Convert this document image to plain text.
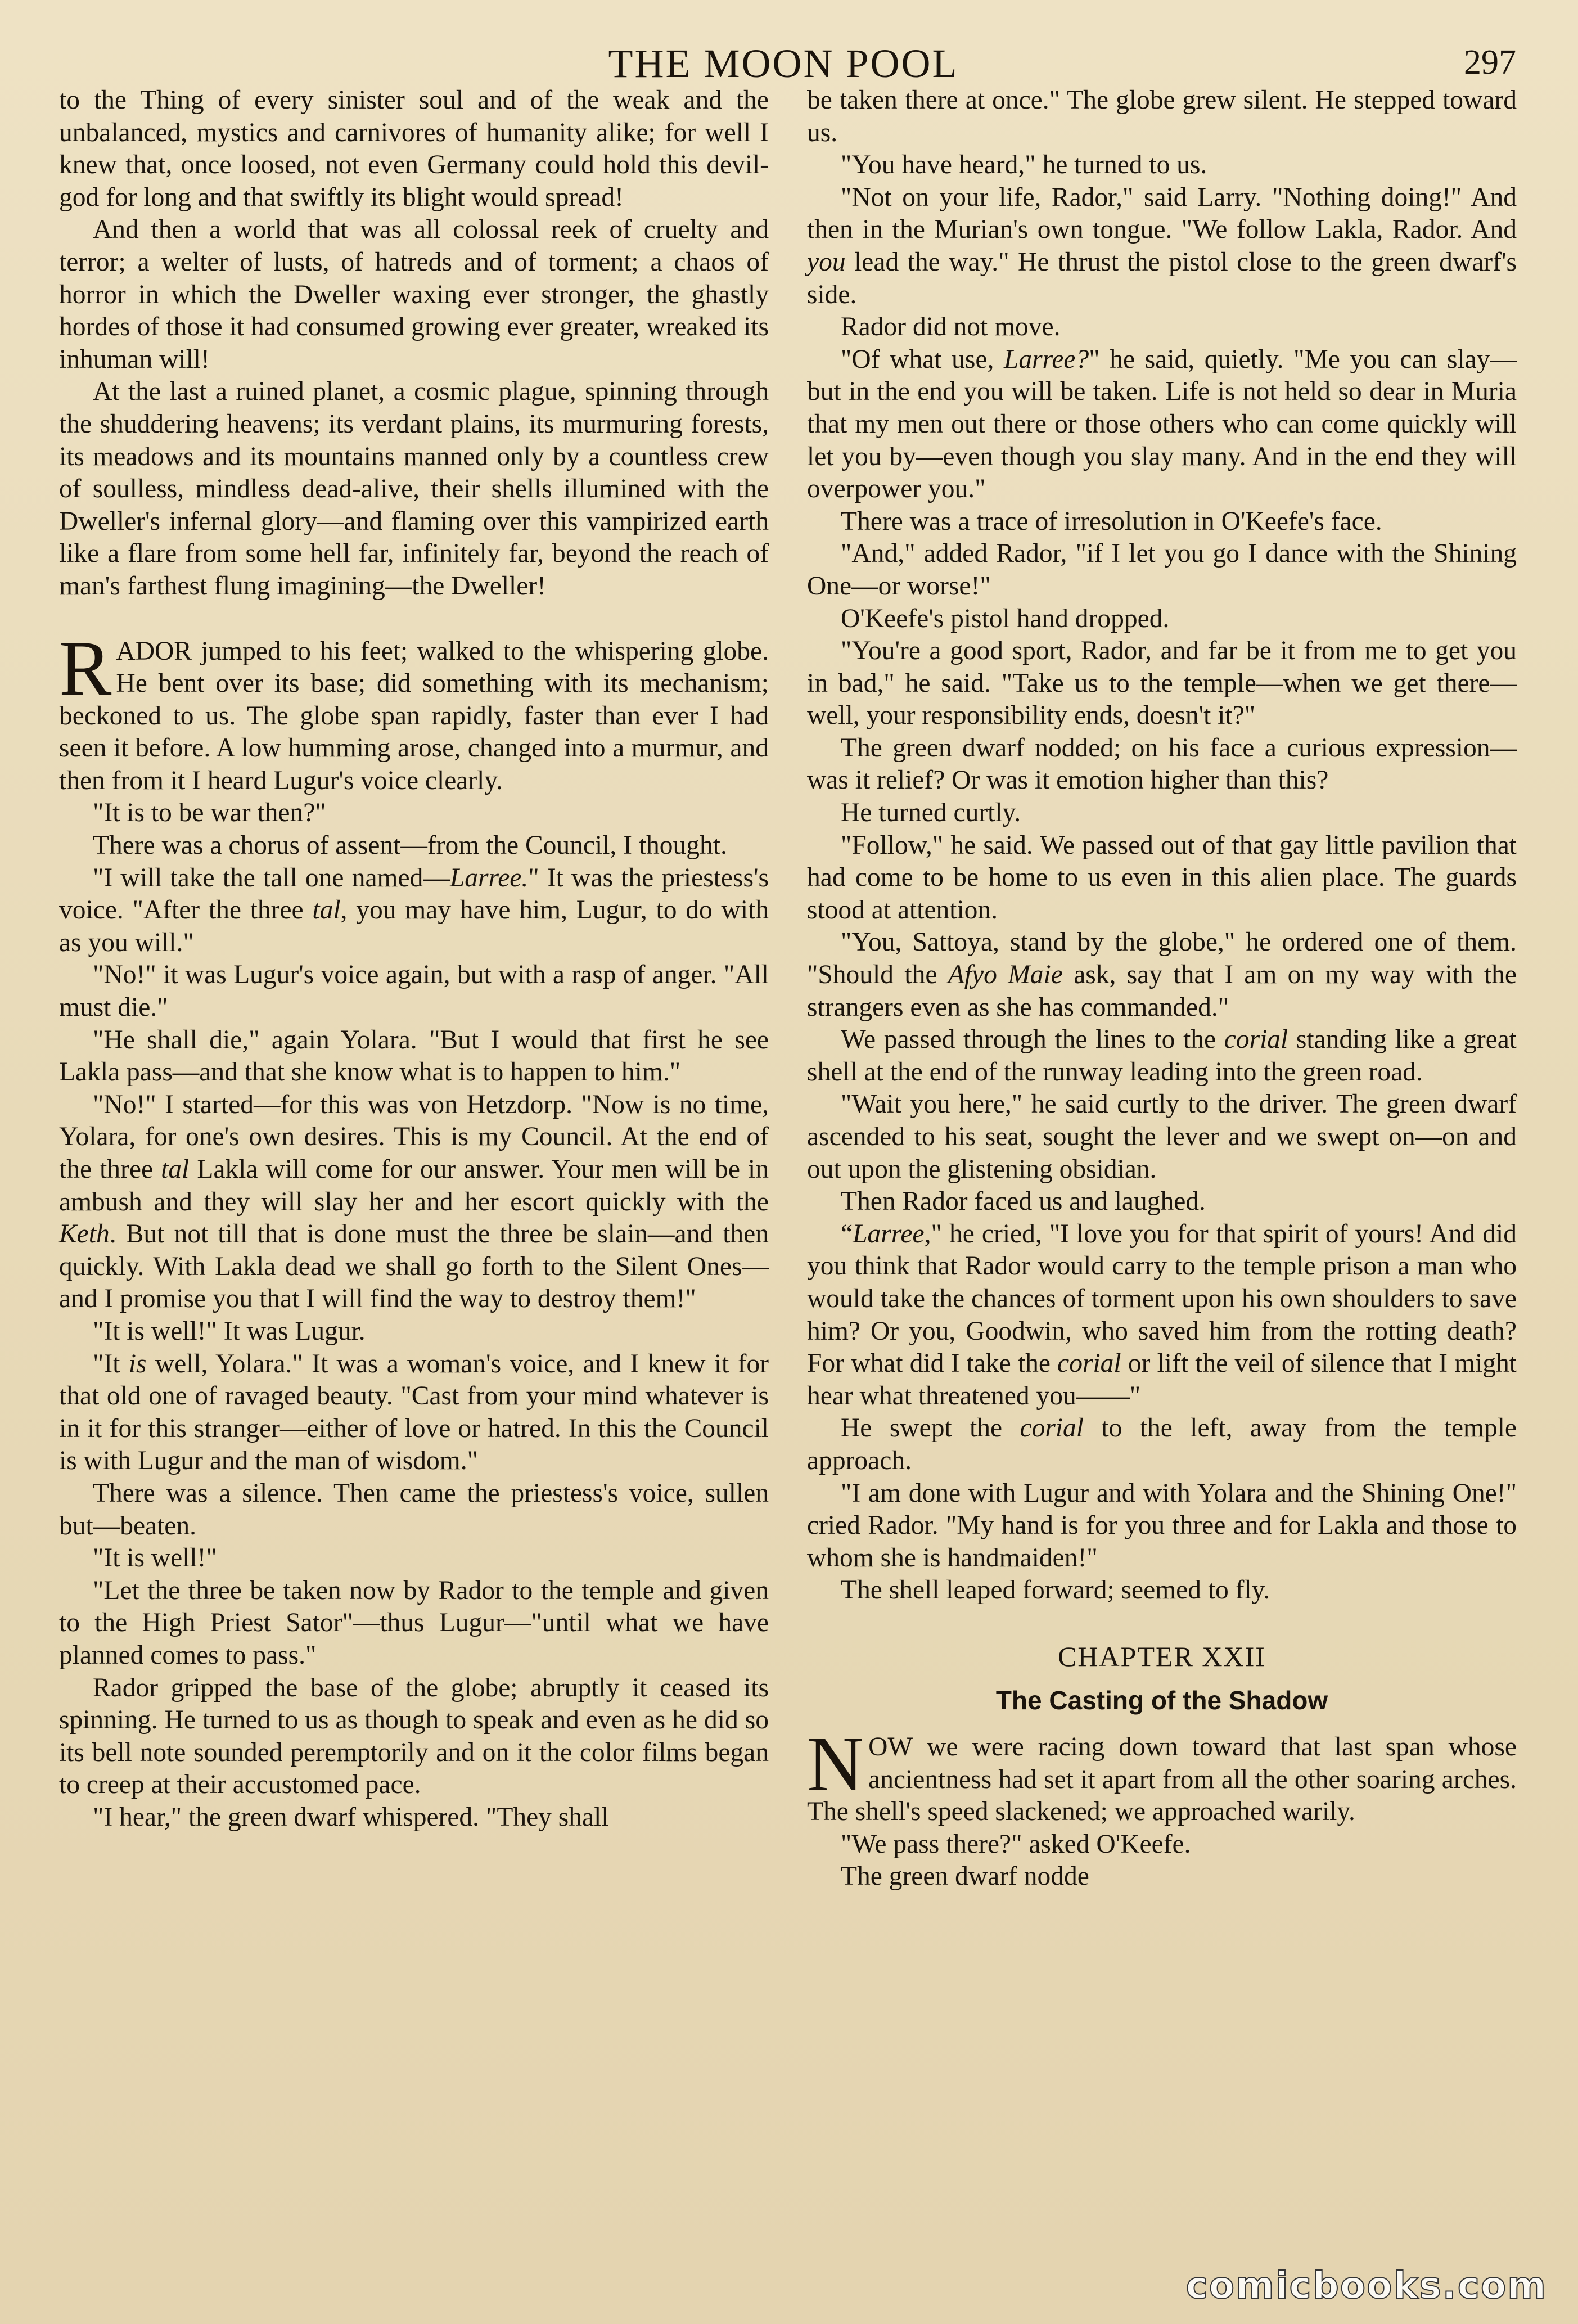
THE MOON POOL	297

to the Thing of every sinister soul and of the weak and the unbalanced, mystics and carnivores of humanity alike; for well I knew that, once loosed, not even Germany could hold this devil-god for long and that swiftly its blight would spread!

And then a world that was all colossal reek of cruelty and terror; a welter of lusts, of hatreds and of torment; a chaos of horror in which the Dweller waxing ever stronger, the ghastly hordes of those it had consumed growing ever greater, wreaked its inhuman will!

At the last a ruined planet, a cosmic plague, spinning through the shuddering heavens; its verdant plains, its murmuring forests, its meadows and its mountains manned only by a countless crew of soulless, mindless dead-alive, their shells illumined with the Dweller's infernal glory—and flaming over this vampirized earth like a flare from some hell far, infinitely far, beyond the reach of man's farthest flung imagining—the Dweller!

RADOR jumped to his feet; walked to the whispering globe. He bent over its base; did something with its mechanism; beckoned to us. The globe span rapidly, faster than ever I had seen it before. A low humming arose, changed into a murmur, and then from it I heard Lugur's voice clearly.

"It is to be war then?"

There was a chorus of assent—from the Council, I thought.

"I will take the tall one named—Larree." It was the priestess's voice. "After the three tal, you may have him, Lugur, to do with as you will."

"No!" it was Lugur's voice again, but with a rasp of anger. "All must die."

"He shall die," again Yolara. "But I would that first he see Lakla pass—and that she know what is to happen to him."

"No!" I started—for this was von Hetzdorp. "Now is no time, Yolara, for one's own desires. This is my Council. At the end of the three tal Lakla will come for our answer. Your men will be in ambush and they will slay her and her escort quickly with the Keth. But not till that is done must the three be slain—and then quickly. With Lakla dead we shall go forth to the Silent Ones—and I promise you that I will find the way to destroy them!"

"It is well!" It was Lugur.

"It is well, Yolara." It was a woman's voice, and I knew it for that old one of ravaged beauty. "Cast from your mind whatever is in it for this stranger—either of love or hatred. In this the Council is with Lugur and the man of wisdom."

There was a silence. Then came the priestess's voice, sullen but—beaten.

"It is well!"

"Let the three be taken now by Rador to the temple and given to the High Priest Sator"—thus Lugur—"until what we have planned comes to pass."

Rador gripped the base of the globe; abruptly it ceased its spinning. He turned to us as though to speak and even as he did so its bell note sounded peremptorily and on it the color films began to creep at their accustomed pace.

"I hear," the green dwarf whispered. "They shall

be taken there at once." The globe grew silent. He stepped toward us.

"You have heard," he turned to us.

"Not on your life, Rador," said Larry. "Nothing doing!" And then in the Murian's own tongue. "We follow Lakla, Rador. And you lead the way." He thrust the pistol close to the green dwarf's side.

Rador did not move.

"Of what use, Larree?" he said, quietly. "Me you can slay—but in the end you will be taken. Life is not held so dear in Muria that my men out there or those others who can come quickly will let you by—even though you slay many. And in the end they will overpower you."

There was a trace of irresolution in O'Keefe's face.

"And," added Rador, "if I let you go I dance with the Shining One—or worse!"

O'Keefe's pistol hand dropped.

"You're a good sport, Rador, and far be it from me to get you in bad," he said. "Take us to the temple—when we get there—well, your responsibility ends, doesn't it?"

The green dwarf nodded; on his face a curious expression—was it relief? Or was it emotion higher than this?

He turned curtly.

"Follow," he said. We passed out of that gay little pavilion that had come to be home to us even in this alien place. The guards stood at attention.

"You, Sattoya, stand by the globe," he ordered one of them. "Should the Afyo Maie ask, say that I am on my way with the strangers even as she has commanded."

We passed through the lines to the corial standing like a great shell at the end of the runway leading into the green road.

"Wait you here," he said curtly to the driver. The green dwarf ascended to his seat, sought the lever and we swept on—on and out upon the glistening obsidian.

Then Rador faced us and laughed.

“Larree," he cried, "I love you for that spirit of yours! And did you think that Rador would carry to the temple prison a man who would take the chances of torment upon his own shoulders to save him? Or you, Goodwin, who saved him from the rotting death? For what did I take the corial or lift the veil of silence that I might hear what threatened you——"

He swept the corial to the left, away from the temple approach.

"I am done with Lugur and with Yolara and the Shining One!" cried Rador. "My hand is for you three and for Lakla and those to whom she is handmaiden!"

The shell leaped forward; seemed to fly.

CHAPTER XXII
The Casting of the Shadow

NOW we were racing down toward that last span whose ancientness had set it apart from all the other soaring arches. The shell's speed slackened; we approached warily.

"We pass there?" asked O'Keefe.

The green dwarf nodde

comicbooks.com
